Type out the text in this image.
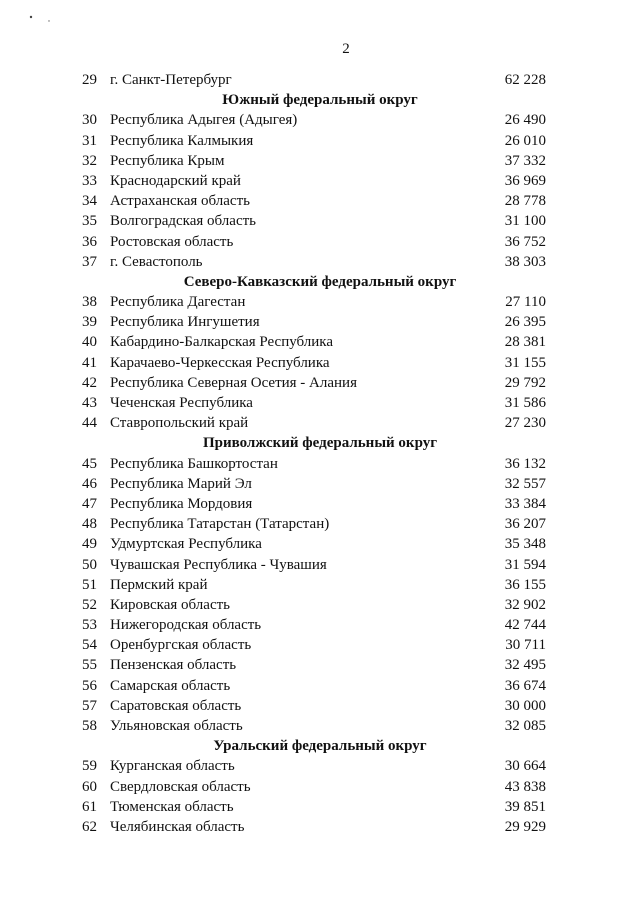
2
29 г. Санкт-Петербург	62 228
Южный федеральный округ
30 Республика Адыгея (Адыгея)	26 490
31 Республика Калмыкия	26 010
32 Республика Крым	37 332
33 Краснодарский край	36 969
34 Астраханская область	28 778
35 Волгоградская область	31 100
36 Ростовская область	36 752
37 г. Севастополь	38 303
Северо-Кавказский федеральный округ
38 Республика Дагестан	27 110
39 Республика Ингушетия	26 395
40 Кабардино-Балкарская Республика	28 381
41 Карачаево-Черкесская Республика	31 155
42 Республика Северная Осетия - Алания	29 792
43 Чеченская Республика	31 586
44 Ставропольский край	27 230
Приволжский федеральный округ
45 Республика Башкортостан	36 132
46 Республика Марий Эл	32 557
47 Республика Мордовия	33 384
48 Республика Татарстан (Татарстан)	36 207
49 Удмуртская Республика	35 348
50 Чувашская Республика - Чувашия	31 594
51 Пермский край	36 155
52 Кировская область	32 902
53 Нижегородская область	42 744
54 Оренбургская область	30 711
55 Пензенская область	32 495
56 Самарская область	36 674
57 Саратовская область	30 000
58 Ульяновская область	32 085
Уральский федеральный округ
59 Курганская область	30 664
60 Свердловская область	43 838
61 Тюменская область	39 851
62 Челябинская область	29 929
